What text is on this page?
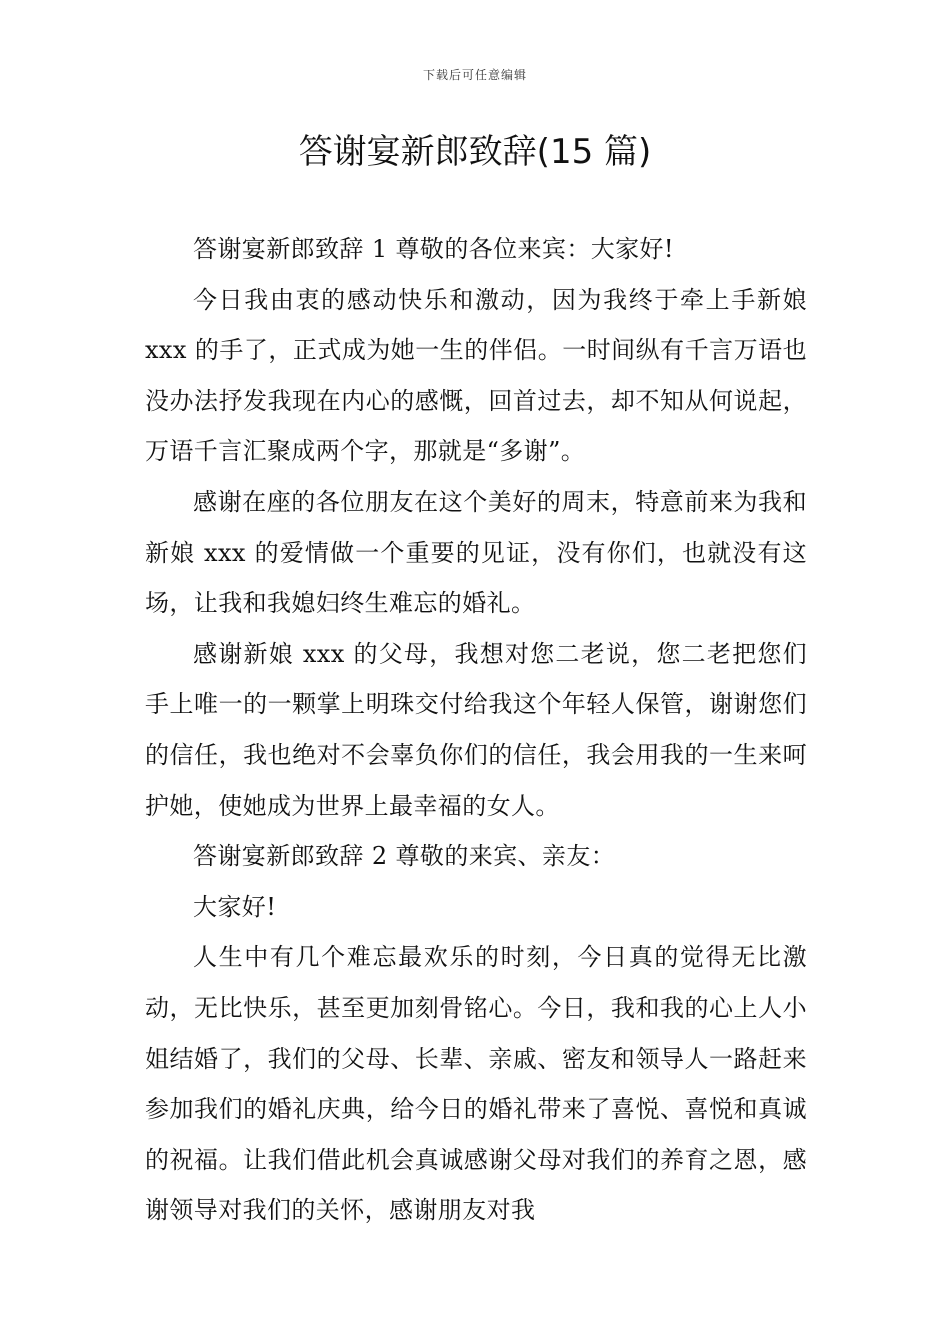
下载后可任意编辑
答谢宴新郎致辞(15 篇)

答谢宴新郎致辞 1 尊敬的各位来宾：大家好!

今日我由衷的感动快乐和激动，因为我终于牵上手新娘 xxx 的手了，正式成为她一生的伴侣。一时间纵有千言万语也没办法抒发我现在内心的感慨，回首过去，却不知从何说起，万语千言汇聚成两个字，那就是“多谢”。

感谢在座的各位朋友在这个美好的周末，特意前来为我和新娘 xxx 的爱情做一个重要的见证，没有你们，也就没有这场，让我和我媳妇终生难忘的婚礼。

感谢新娘 xxx 的父母，我想对您二老说，您二老把您们手上唯一的一颗掌上明珠交付给我这个年轻人保管，谢谢您们的信任，我也绝对不会辜负你们的信任，我会用我的一生来呵护她，使她成为世界上最幸福的女人。

答谢宴新郎致辞 2 尊敬的来宾、亲友：

大家好!

人生中有几个难忘最欢乐的时刻，今日真的觉得无比激动，无比快乐，甚至更加刻骨铭心。今日，我和我的心上人小姐结婚了，我们的父母、长辈、亲戚、密友和领导人一路赶来参加我们的婚礼庆典，给今日的婚礼带来了喜悦、喜悦和真诚的祝福。让我们借此机会真诚感谢父母对我们的养育之恩，感谢领导对我们的关怀，感谢朋友对我
